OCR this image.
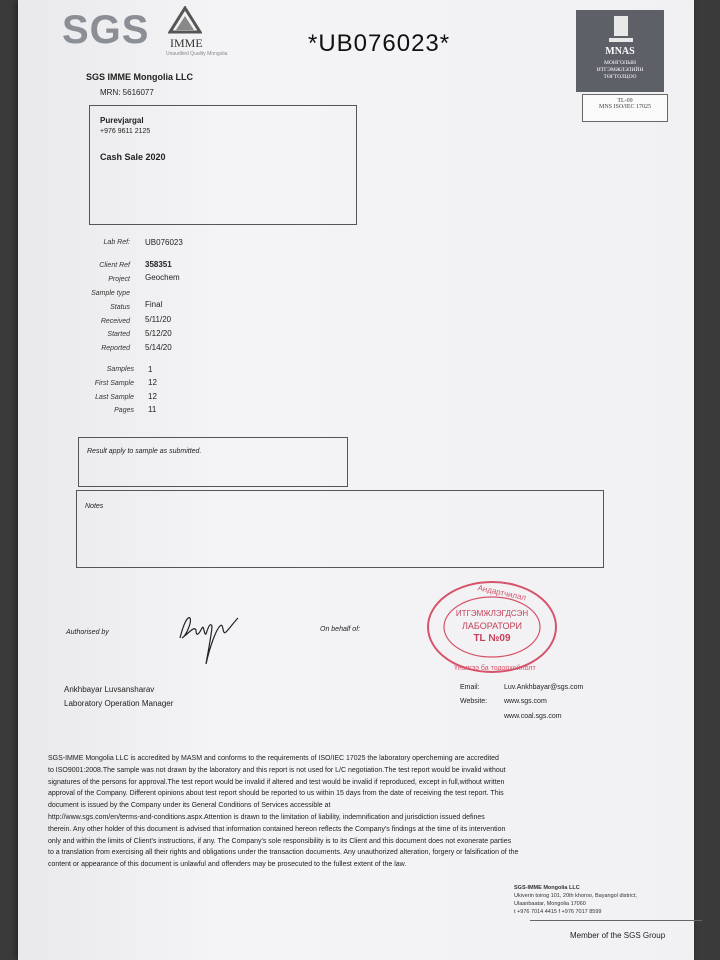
SGS IMME
Unaudited Quality Mongolia	*UB076023*	MNAS
МОНГОЛЫН
ИТГЭМЖЛЭЛИЙН
ТӨГТОЛЦОО
TL-09
MNS ISO/IEC 17025
SGS IMME Mongolia LLC
MRN: 5616077
Purevjargal
+976 9611 2125
Cash Sale 2020
Lab Ref: UB076023
Client Ref 358351
Project Geochem
Sample type
Status Final
Received 5/11/20
Started 5/12/20
Reported 5/14/20
Samples 1
First Sample 12
Last Sample 12
Pages 11
Result apply to sample as submitted.
Notes
Authorised by	On behalf of:
Андартчилал
Үнэлгээ ба тодорхойлолт
ИТГЭМЖЛЭГДСЭН
ЛАБОРАТОРИ
TL №09
Ankhbayar Luvsansharav
Laboratory Operation Manager
Email:	Luv.Ankhbayar@sgs.com
Website: www.sgs.com
www.coal.sgs.com

SGS-IMME Mongolia LLC is accredited by MASM and conforms to the requirements of ISO/IEC 17025 the laboratory opercheming are accredited

to ISO9001:2008.The sample was not drawn by the laboratory and this report is not used for L/C negotiation.The test report would be invalid without

signatures of the persons for approval.The test report would be invalid if altered and test would be invalid if reproduced, except in full,without written

approval of the Company. Different opinions about test report should be reported to us within 15 days from the date of receiving the test report. This

document is issued by the Company under its General Conditions of Services accessible at

http://www.sgs.com/en/terms-and-conditions.aspx.Attention is drawn to the limitation of liability, indemnification and jurisdiction issued defines

therein. Any other holder of this document is advised that information contained hereon reflects the Company's findings at the time of its intervention

only and within the limits of Client's instructions, if any. The Company's sole responsibility is to its Client and this document does not exonerate parties

to a translation from exercising all their rights and obligations under the transaction documents. Any unauthorized alteration, forgery or falsification of the

content or appearance of this document is unlawful and offenders may be prosecuted to the fullest extent of the law.

SGS-IMME Mongolia LLC
Ukiverin toirog 101, 20th khoroo, Bayangol district,
Ulaanbaatar, Mongolia 17060
t +976 7014 4415 f +976 7017 8599
Member of the SGS Group
